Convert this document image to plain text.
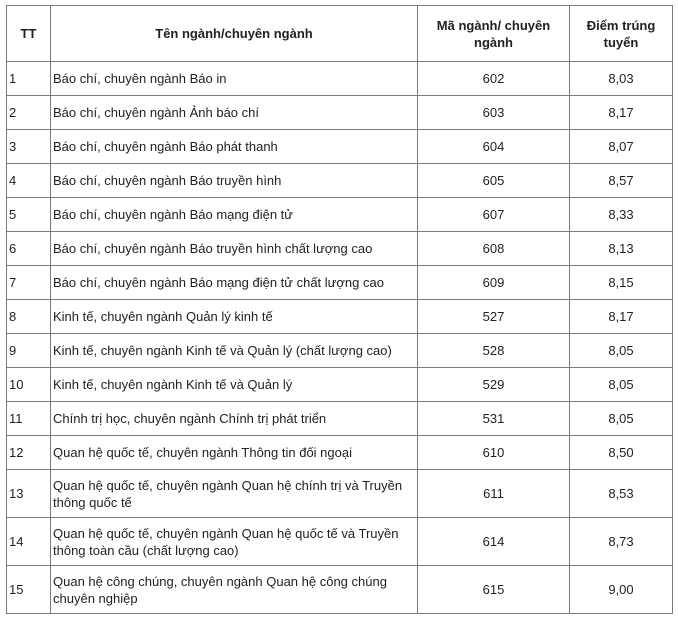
TT	Tên ngành/chuyên ngành	Mã ngành/ chuyên ngành	Điểm trúng tuyển
1	Báo chí, chuyên ngành Báo in	602	8,03
2	Báo chí, chuyên ngành Ảnh báo chí	603	8,17
3	Báo chí, chuyên ngành Báo phát thanh	604	8,07
4	Báo chí, chuyên ngành Báo truyền hình	605	8,57
5	Báo chí, chuyên ngành Báo mạng điện tử	607	8,33
6	Báo chí, chuyên ngành Báo truyền hình chất lượng cao	608	8,13
7	Báo chí, chuyên ngành Báo mạng điện tử chất lượng cao	609	8,15
8	Kinh tế, chuyên ngành Quản lý kinh tế	527	8,17
9	Kinh tế, chuyên ngành Kinh tế và Quản lý (chất lượng cao)	528	8,05
10	Kinh tế, chuyên ngành Kinh tế và Quản lý	529	8,05
11	Chính trị học, chuyên ngành Chính trị phát triển	531	8,05
12	Quan hệ quốc tế, chuyên ngành Thông tin đối ngoại	610	8,50
13	Quan hệ quốc tế, chuyên ngành Quan hệ chính trị và Truyền thông quốc tế	611	8,53
14	Quan hệ quốc tế, chuyên ngành Quan hệ quốc tế và Truyền thông toàn cầu (chất lượng cao)	614	8,73
15	Quan hệ công chúng, chuyên ngành Quan hệ công chúng chuyên nghiệp	615	9,00
